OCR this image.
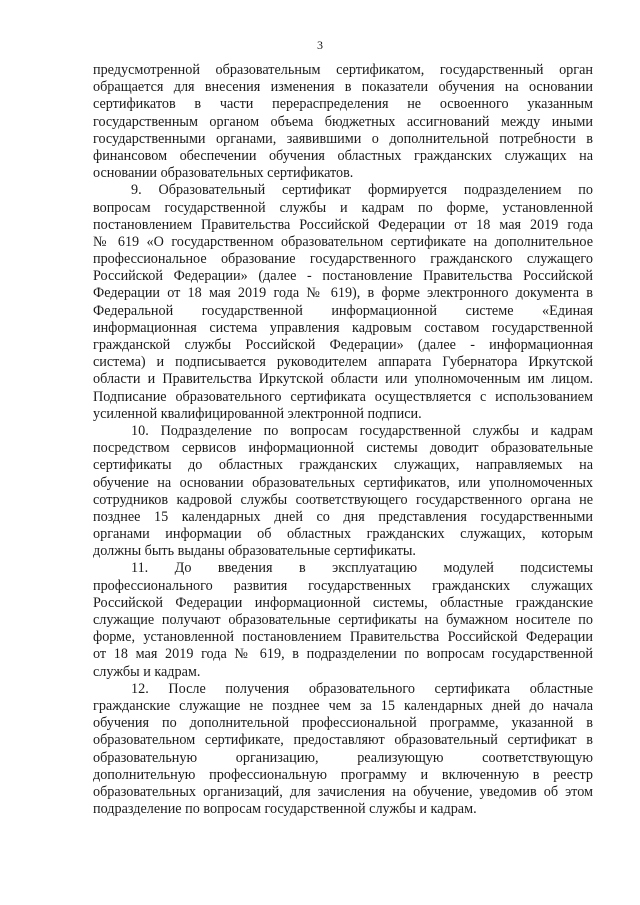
3
предусмотренной образовательным сертификатом, государственный орган
обращается для внесения изменения в показатели обучения на основании
сертификатов в части перераспределения не освоенного указанным
государственным органом объема бюджетных ассигнований между иными
государственными органами, заявившими о дополнительной потребности в
финансовом обеспечении обучения областных гражданских служащих на
основании образовательных сертификатов.
9. Образовательный сертификат формируется подразделением по
вопросам государственной службы и кадрам по форме, установленной
постановлением Правительства Российской Федерации от 18 мая 2019 года
№ 619 «О государственном образовательном сертификате на дополнительное
профессиональное образование государственного гражданского служащего
Российской Федерации» (далее - постановление Правительства Российской
Федерации от 18 мая 2019 года № 619), в форме электронного документа в
Федеральной государственной информационной системе «Единая
информационная система управления кадровым составом государственной
гражданской службы Российской Федерации» (далее - информационная
система) и подписывается руководителем аппарата Губернатора Иркутской
области и Правительства Иркутской области или уполномоченным им лицом.
Подписание образовательного сертификата осуществляется с использованием
усиленной квалифицированной электронной подписи.
10. Подразделение по вопросам государственной службы и кадрам
посредством сервисов информационной системы доводит образовательные
сертификаты до областных гражданских служащих, направляемых на
обучение на основании образовательных сертификатов, или уполномоченных
сотрудников кадровой службы соответствующего государственного органа не
позднее 15 календарных дней со дня представления государственными
органами информации об областных гражданских служащих, которым
должны быть выданы образовательные сертификаты.
11. До введения в эксплуатацию модулей подсистемы
профессионального развития государственных гражданских служащих
Российской Федерации информационной системы, областные гражданские
служащие получают образовательные сертификаты на бумажном носителе по
форме, установленной постановлением Правительства Российской Федерации
от 18 мая 2019 года № 619, в подразделении по вопросам государственной
службы и кадрам.
12. После получения образовательного сертификата областные
гражданские служащие не позднее чем за 15 календарных дней до начала
обучения по дополнительной профессиональной программе, указанной в
образовательном сертификате, предоставляют образовательный сертификат в
образовательную организацию, реализующую соответствующую
дополнительную профессиональную программу и включенную в реестр
образовательных организаций, для зачисления на обучение, уведомив об этом
подразделение по вопросам государственной службы и кадрам.
